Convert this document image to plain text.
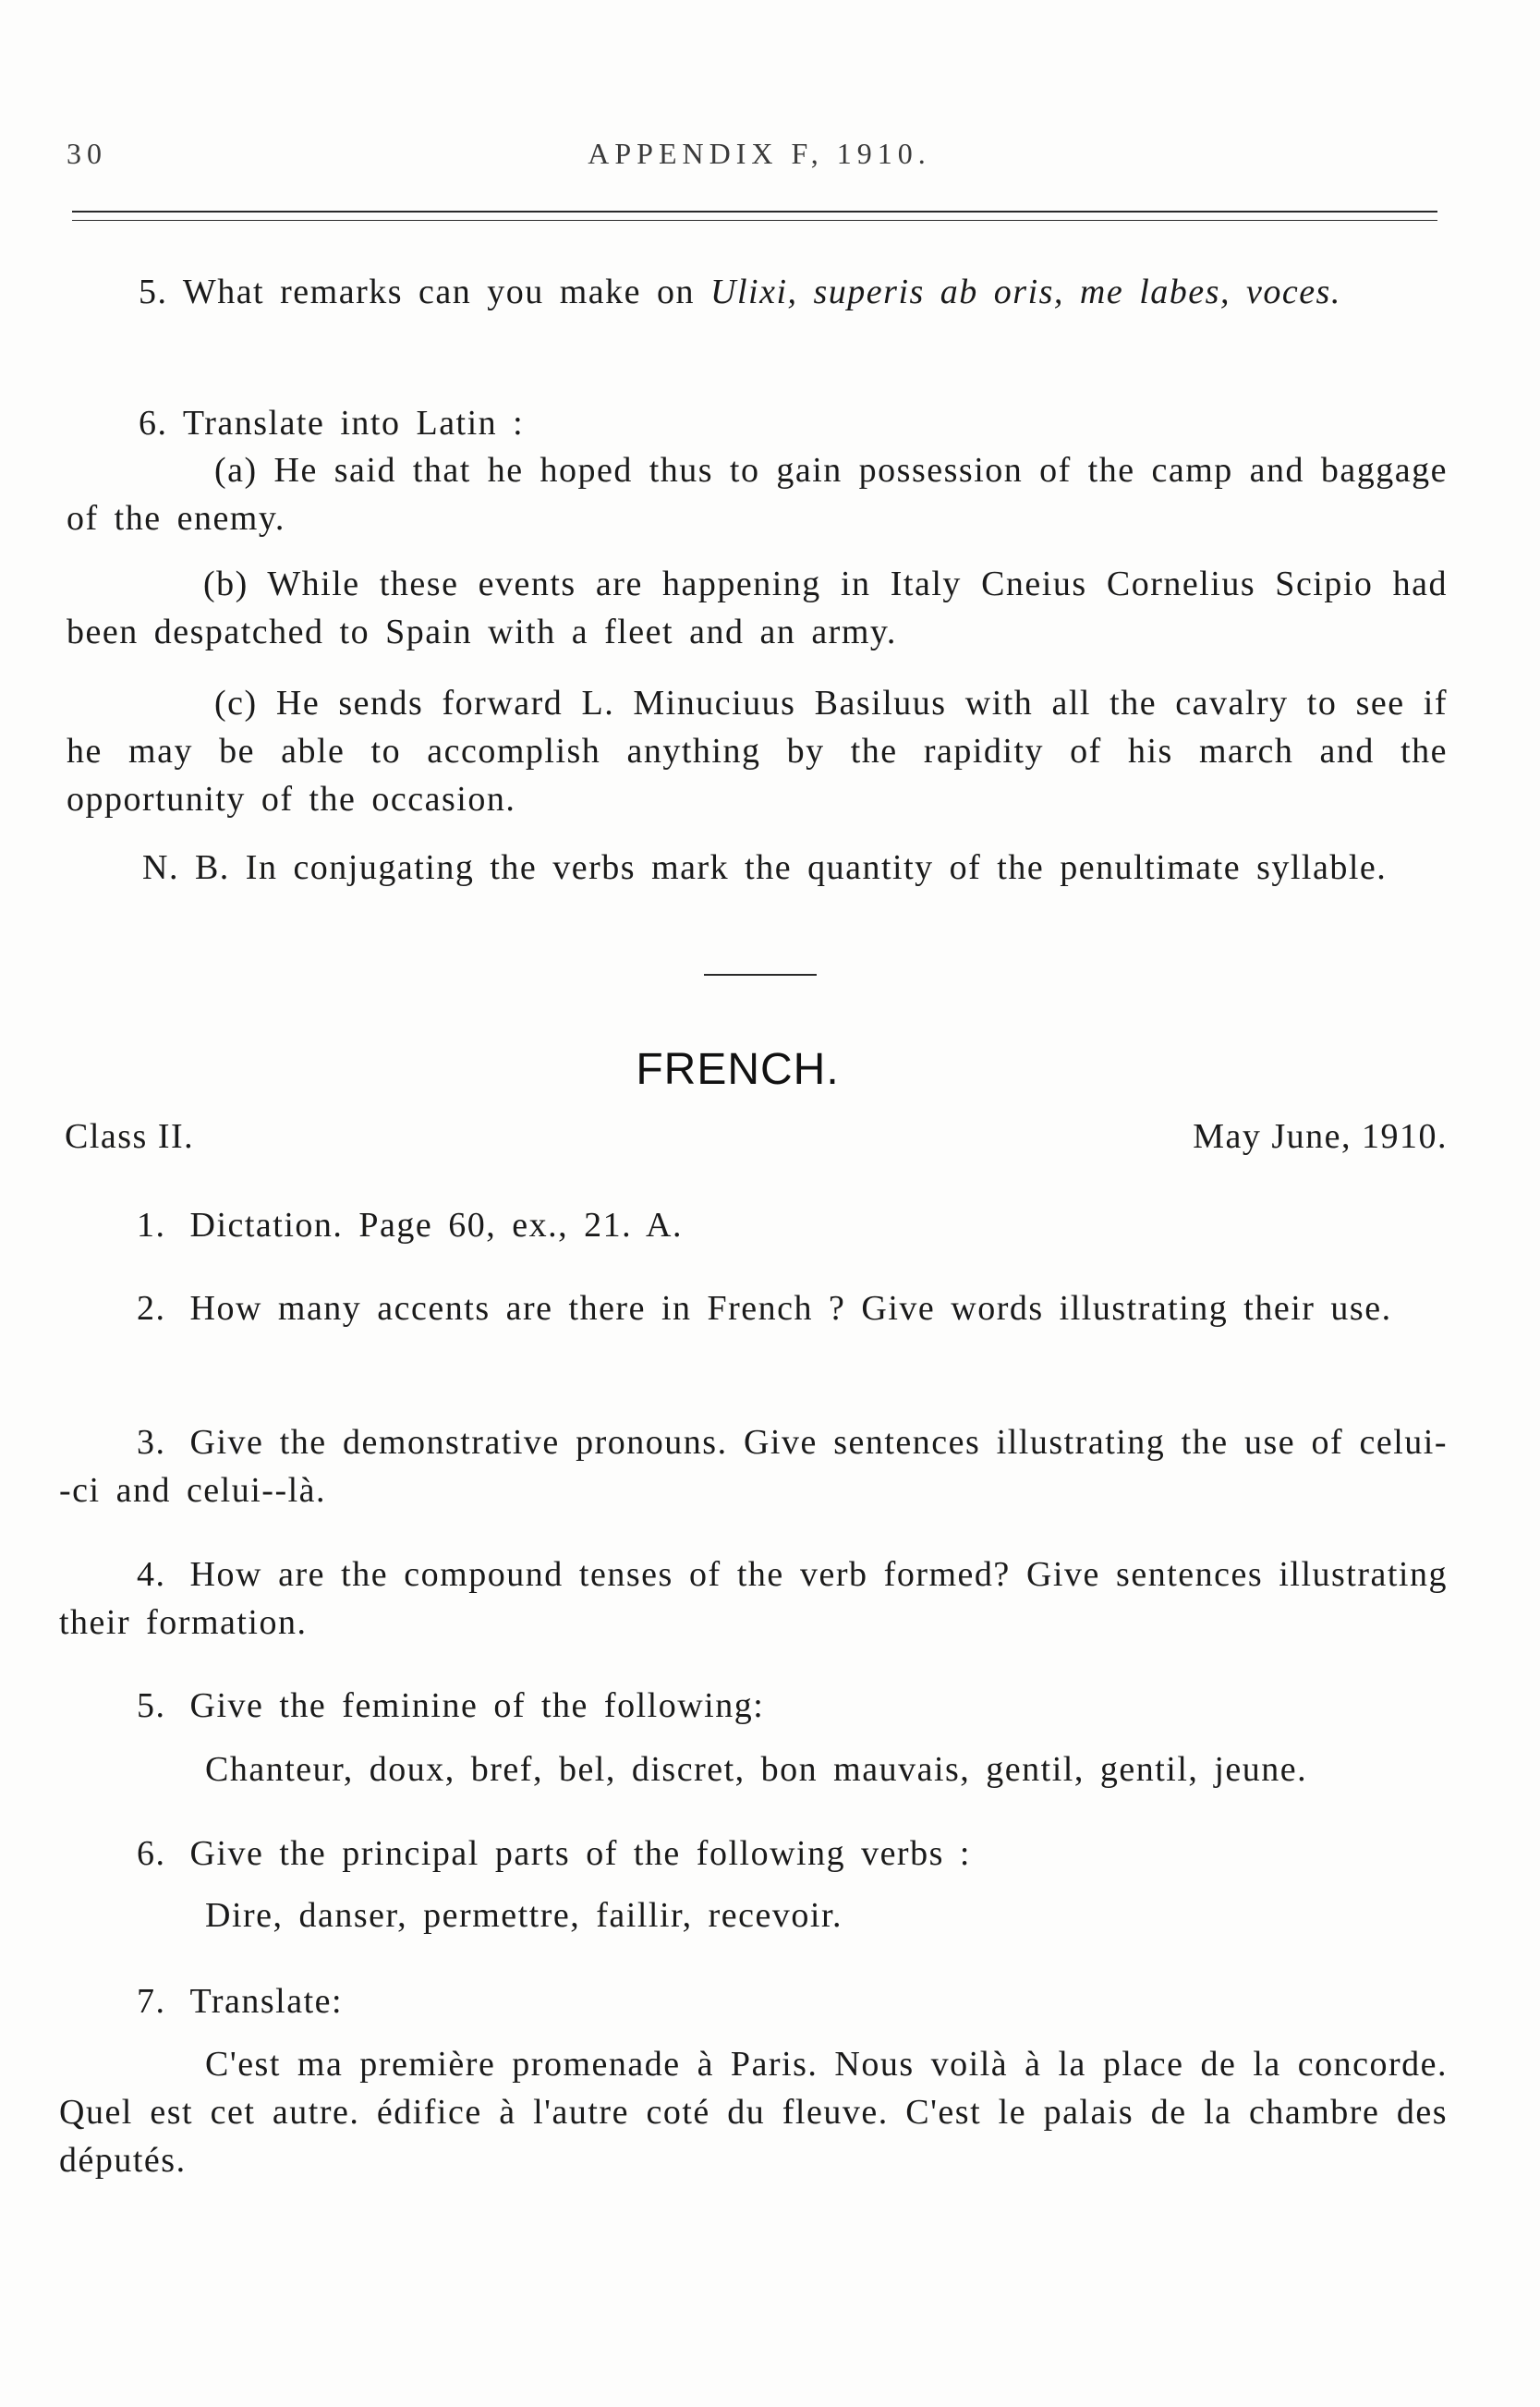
30	APPENDIX F, 1910.
5. What remarks can you make on Ulixi, superis ab oris, me labes, voces.
6. Translate into Latin :
(a) He said that he hoped thus to gain possession of the camp and baggage of the enemy.
(b) While these events are happening in Italy Cneius Cornelius Scipio had been despatched to Spain with a fleet and an army.
(c) He sends forward L. Minuciuus Basiluus with all the cavalry to see if he may be able to accomplish anything by the rapidity of his march and the opportunity of the occasion.
N. B. In conjugating the verbs mark the quantity of the penultimate syllable.
FRENCH.
Class II.	May June, 1910.
1. Dictation. Page 60, ex., 21. A.
2. How many accents are there in French ? Give words illustrating their use.
3. Give the demonstrative pronouns. Give sentences illustrating the use of celui--ci and celui--là.
4. How are the compound tenses of the verb formed? Give sentences illustrating their formation.
5. Give the feminine of the following:
Chanteur, doux, bref, bel, discret, bon mauvais, gentil, gentil, jeune.
6. Give the principal parts of the following verbs :
Dire, danser, permettre, faillir, recevoir.
7. Translate:
C'est ma première promenade à Paris. Nous voilà à la place de la concorde. Quel est cet autre. édifice à l'autre coté du fleuve. C'est le palais de la chambre des députés.
